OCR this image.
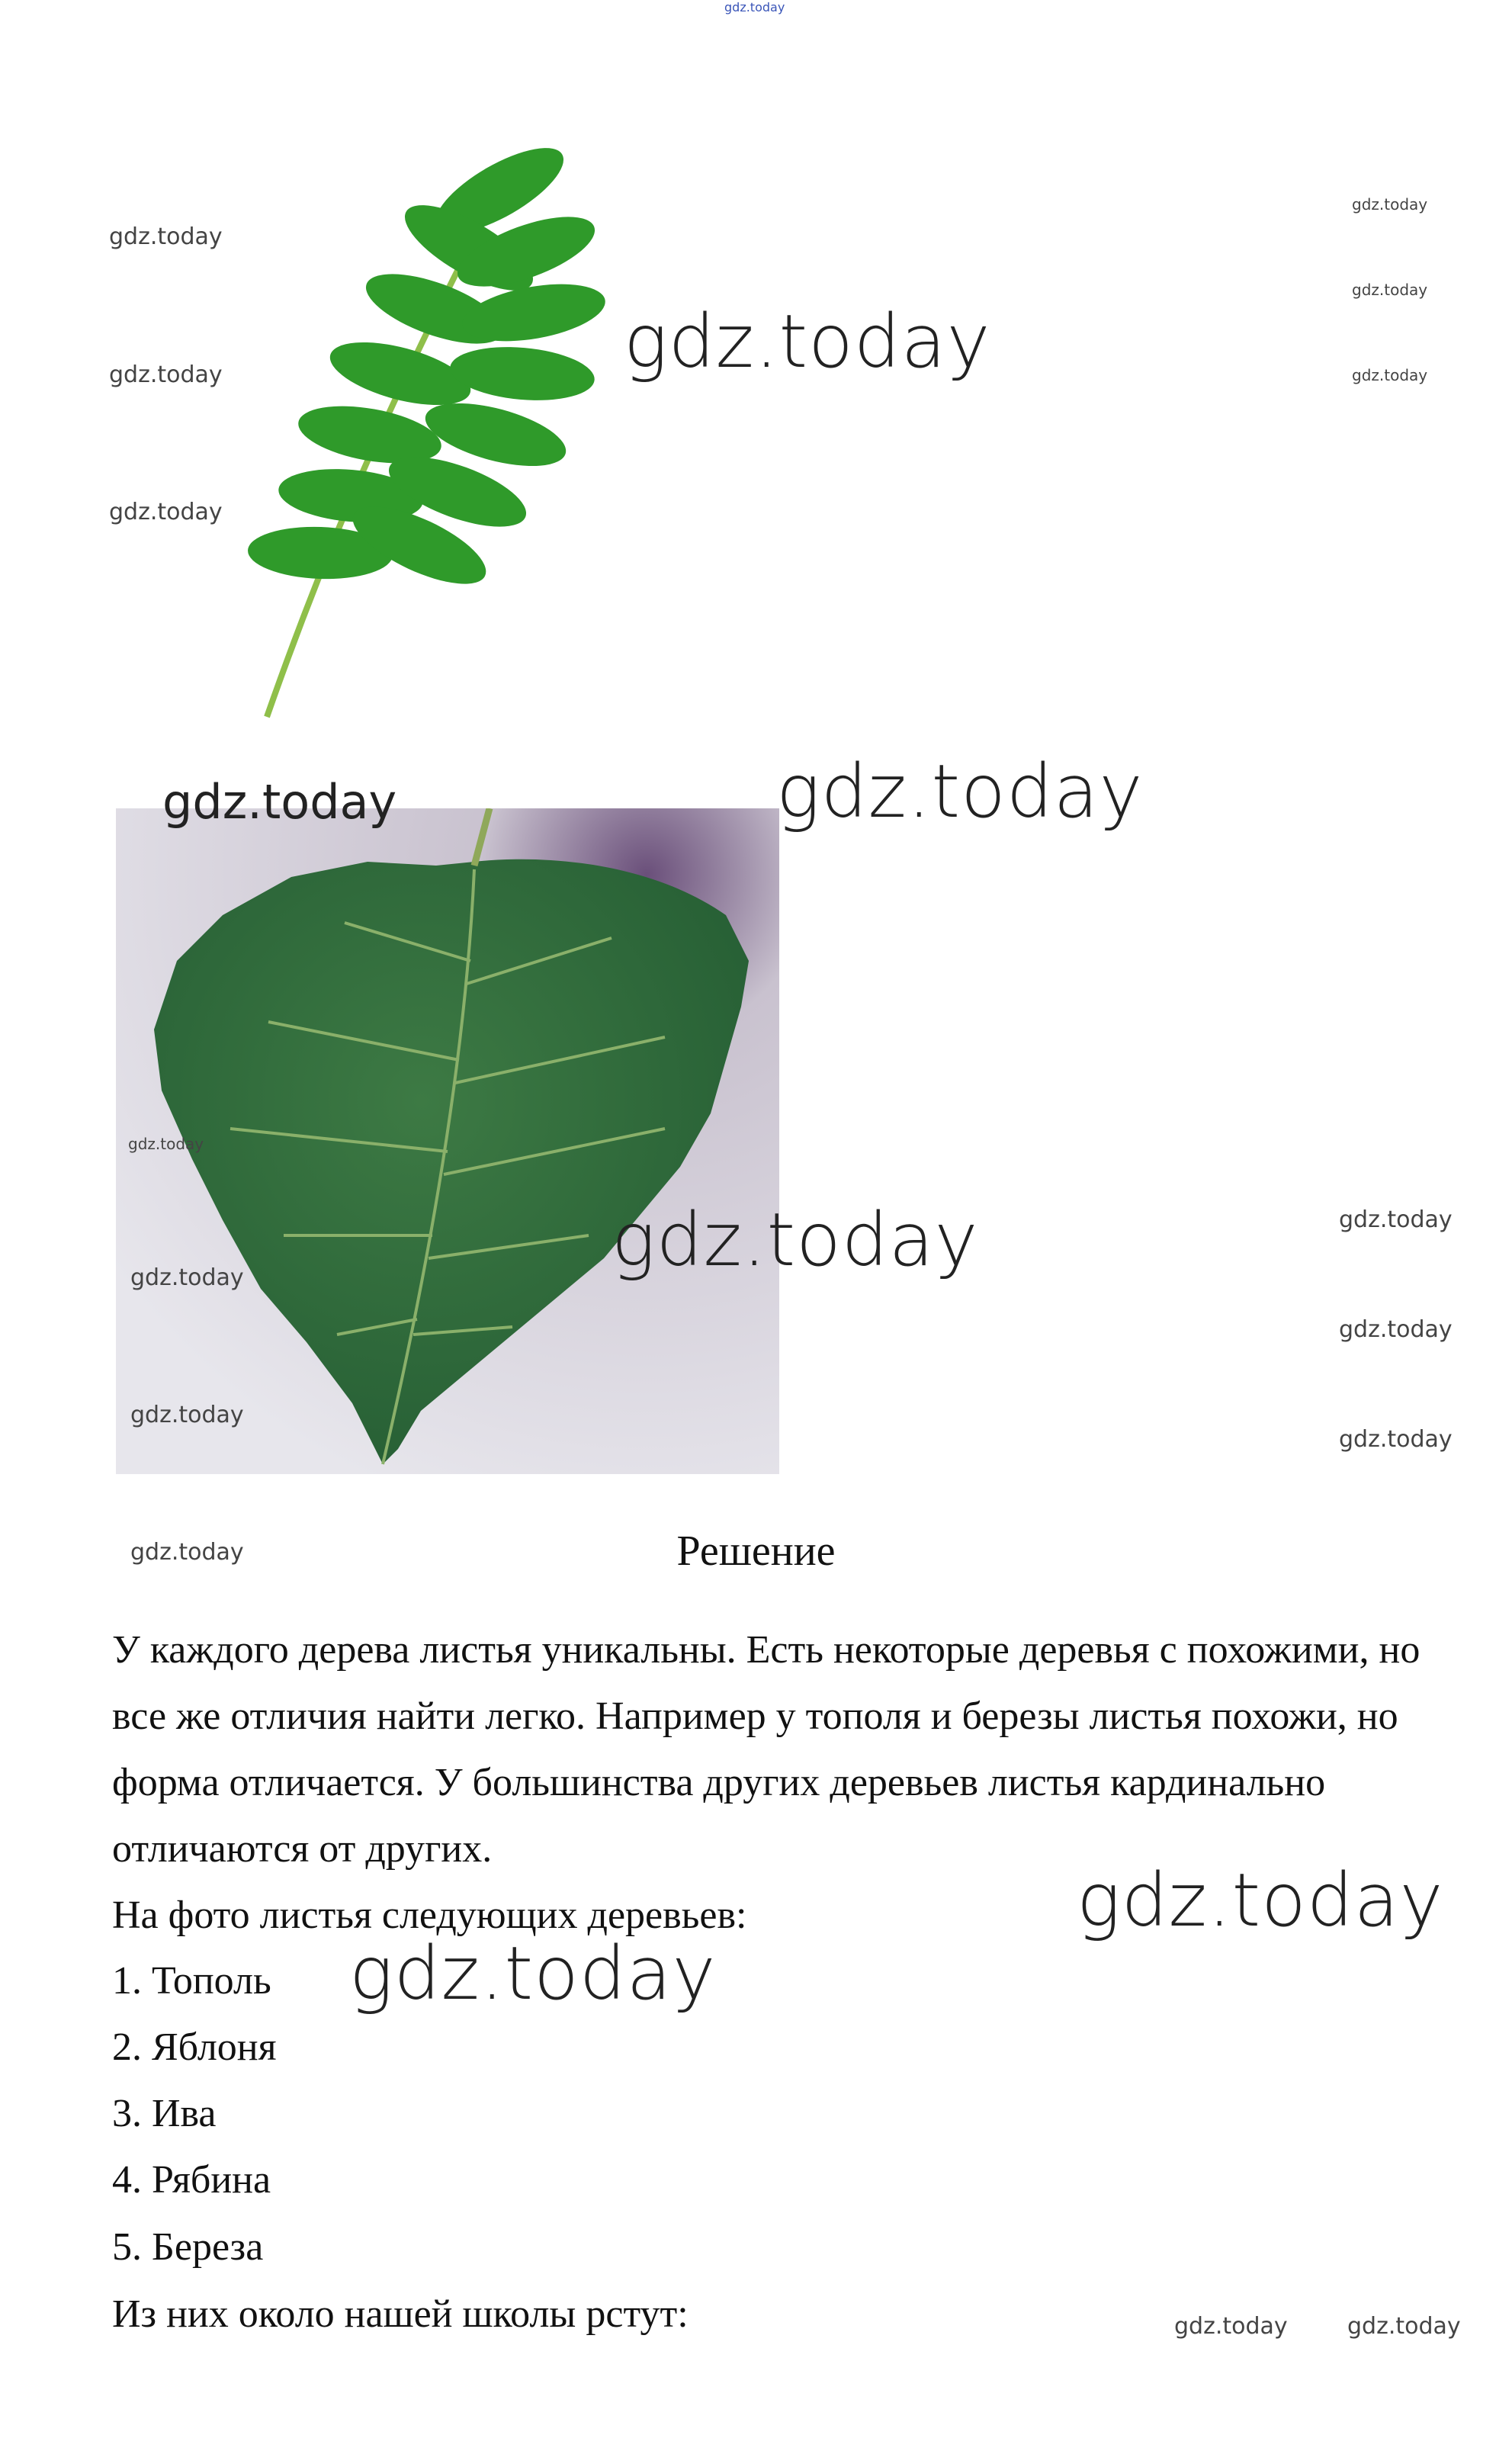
gdz.today
gdz.today
gdz.today
gdz.today
gdz.today
gdz.today
gdz.today
gdz.today
gdz.today	gdz.today
gdz.today
gdz.today
gdz.today
gdz.today
gdz.today	gdz.today
gdz.today
gdz.today
gdz.today
gdz.today
gdz.today	gdz.today
Решение
У каждого дерева листья уникальны. Есть некоторые деревья с похожими, но все же отличия найти легко. Например у тополя и березы листья похожи, но форма отличается. У большинства других деревьев листья кардинально отличаются от других.
На фото листья следующих деревьев:
1. Тополь
2. Яблоня
3. Ива
4. Рябина
5. Береза
Из них около нашей школы рстут:
